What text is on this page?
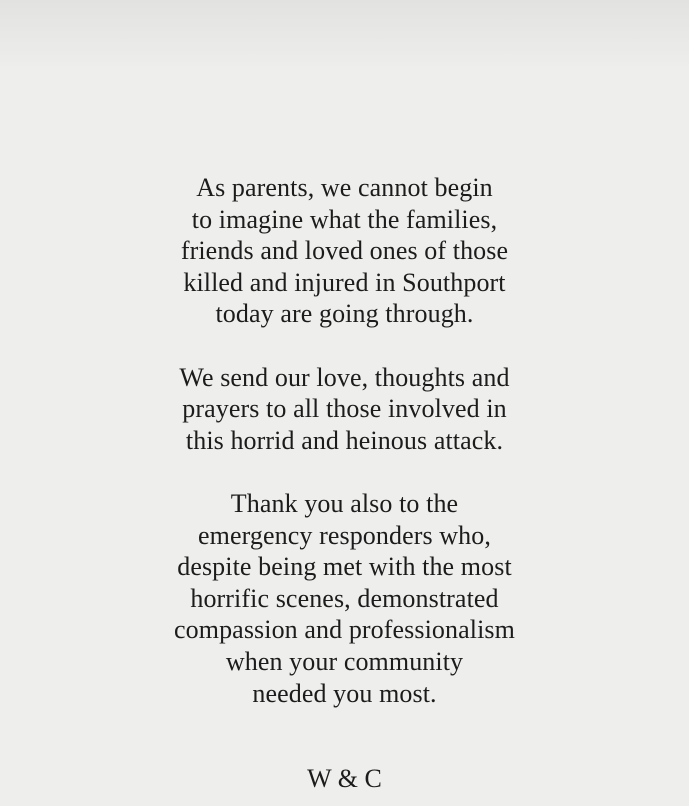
As parents, we cannot begin
to imagine what the families,
friends and loved ones of those
killed and injured in Southport
today are going through.

We send our love, thoughts and
prayers to all those involved in
this horrid and heinous attack.

Thank you also to the
emergency responders who,
despite being met with the most
horrific scenes, demonstrated
compassion and professionalism
when your community
needed you most.

W & C
